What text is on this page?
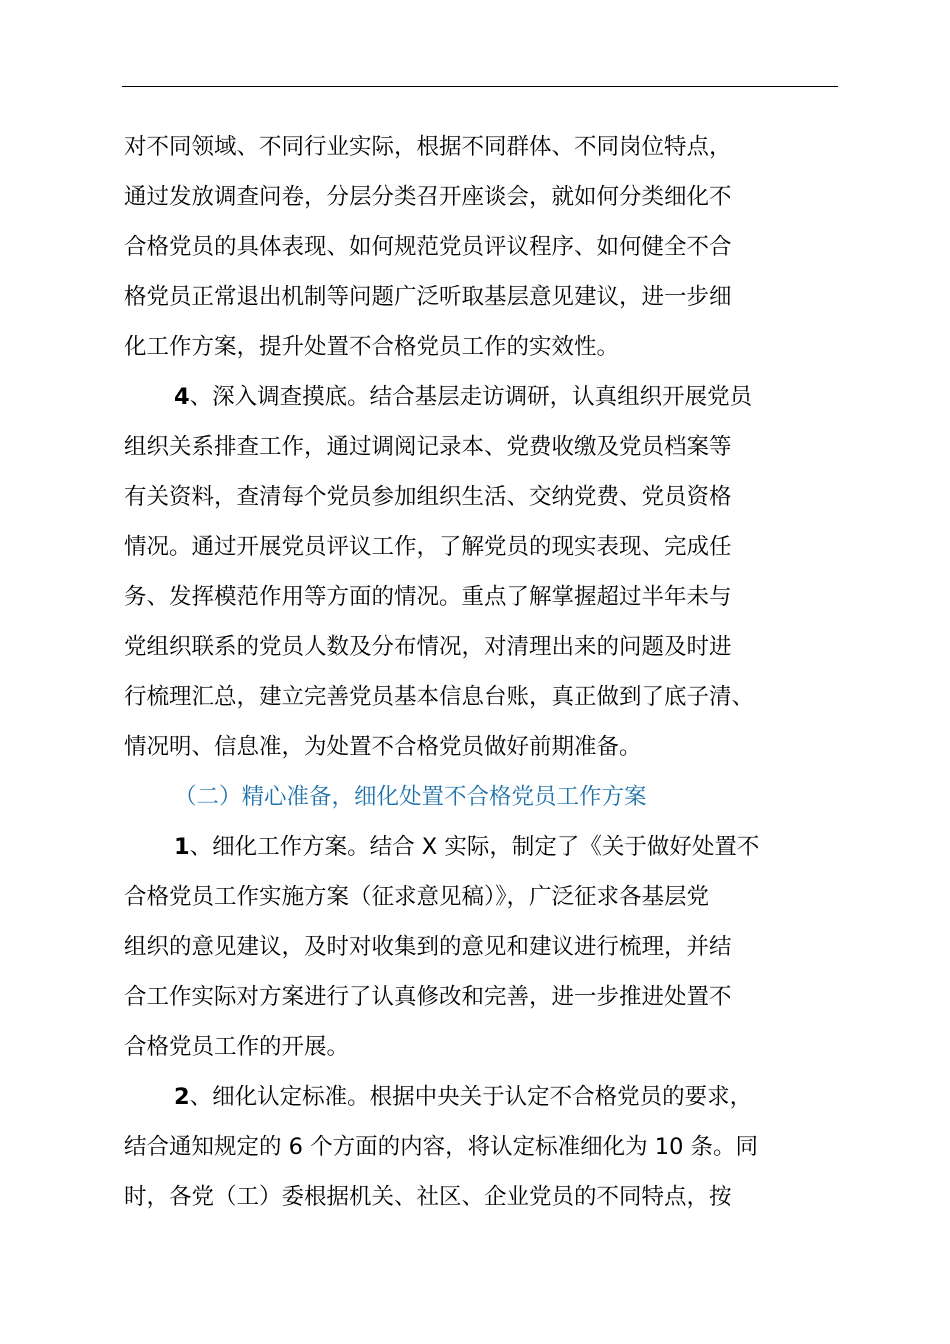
对不同领域、不同行业实际，根据不同群体、不同岗位特点，
通过发放调查问卷，分层分类召开座谈会，就如何分类细化不
合格党员的具体表现、如何规范党员评议程序、如何健全不合
格党员正常退出机制等问题广泛听取基层意见建议，进一步细
化工作方案，提升处置不合格党员工作的实效性。
4、深入调查摸底。结合基层走访调研，认真组织开展党员
组织关系排查工作，通过调阅记录本、党费收缴及党员档案等
有关资料，查清每个党员参加组织生活、交纳党费、党员资格
情况。通过开展党员评议工作，了解党员的现实表现、完成任
务、发挥模范作用等方面的情况。重点了解掌握超过半年未与
党组织联系的党员人数及分布情况，对清理出来的问题及时进
行梳理汇总，建立完善党员基本信息台账，真正做到了底子清、
情况明、信息准，为处置不合格党员做好前期准备。
（二）精心准备，细化处置不合格党员工作方案
1、细化工作方案。结合 X 实际，制定了《关于做好处置不
合格党员工作实施方案（征求意见稿）》，广泛征求各基层党
组织的意见建议，及时对收集到的意见和建议进行梳理，并结
合工作实际对方案进行了认真修改和完善，进一步推进处置不
合格党员工作的开展。
2、细化认定标准。根据中央关于认定不合格党员的要求，
结合通知规定的 6 个方面的内容，将认定标准细化为 10 条。同
时，各党（工）委根据机关、社区、企业党员的不同特点，按
